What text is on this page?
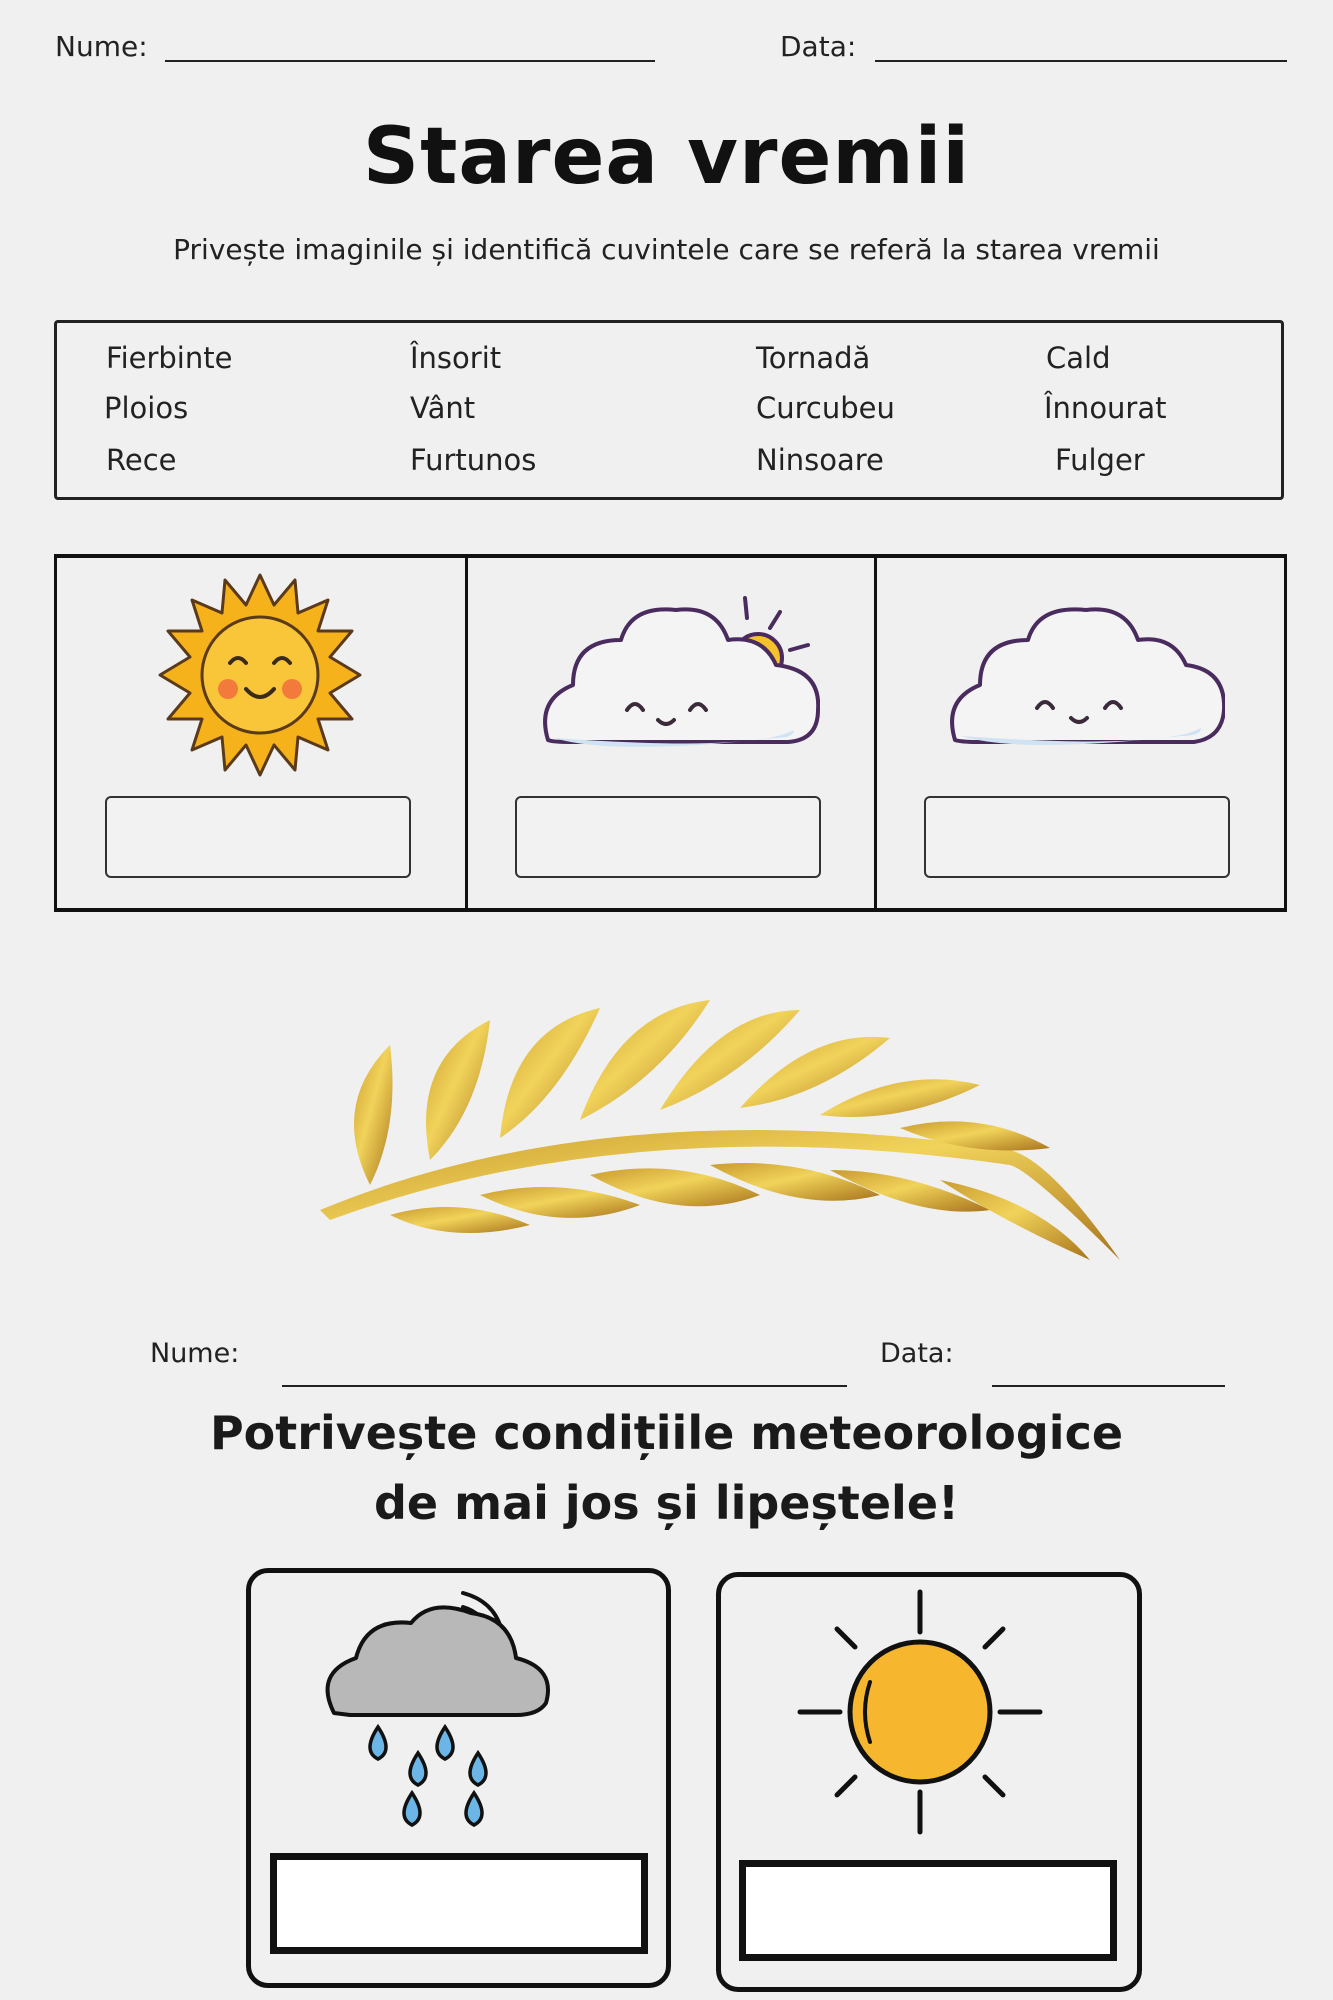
Nume:	Data:
Starea vremii
Privește imaginile și identifică cuvintele care se referă la starea vremii
Fierbinte	Însorit	Tornadă	Cald
Ploios	Vânt	Curcubeu	Înnourat
Rece	Furtunos	Ninsoare	Fulger
Nume:	Data:
Potrivește condițiile meteorologice
de mai jos și lipeștele!
